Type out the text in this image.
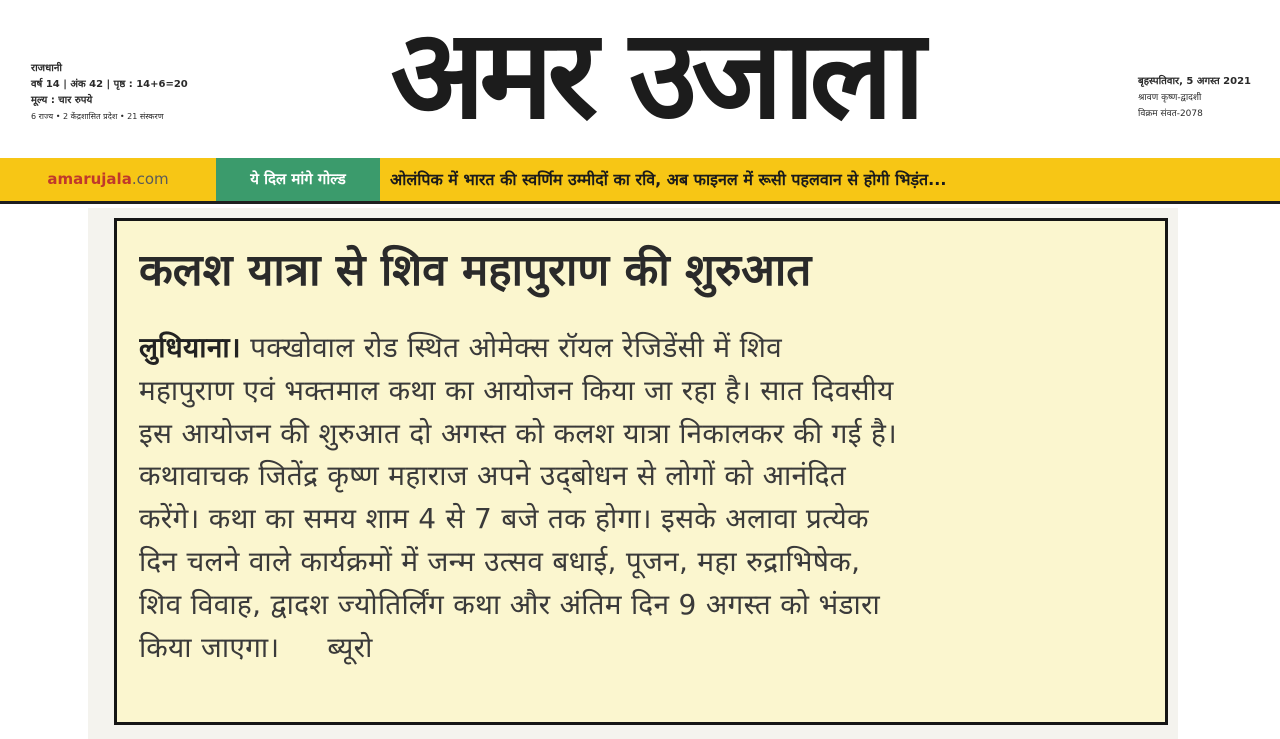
राजधानी
वर्ष 14 | अंक 42 | पृष्ठ : 14+6=20
मूल्य : चार रुपये
6 राज्य • 2 केंद्रशासित प्रदेश • 21 संस्करण	अमर उजाला	बृहस्पतिवार, 5 अगस्त 2021
श्रावण कृष्ण-द्वादशी
विक्रम संवत-2078
amarujala.com	ये दिल मांगे गोल्ड	ओलंपिक में भारत की स्वर्णिम उम्मीदों का रवि, अब फाइनल में रूसी पहलवान से होगी भिड़ंत...
कलश यात्रा से शिव महापुराण की शुरुआत
लुधियाना। पक्खोवाल रोड स्थित ओमेक्स रॉयल रेजिडेंसी में शिव
महापुराण एवं भक्तमाल कथा का आयोजन किया जा रहा है। सात दिवसीय
इस आयोजन की शुरुआत दो अगस्त को कलश यात्रा निकालकर की गई है।
कथावाचक जितेंद्र कृष्ण महाराज अपने उद्‌बोधन से लोगों को आनंदित
करेंगे। कथा का समय शाम 4 से 7 बजे तक होगा। इसके अलावा प्रत्येक
दिन चलने वाले कार्यक्रमों में जन्म उत्सव बधाई, पूजन, महा रुद्राभिषेक,
शिव विवाह, द्वादश ज्योतिर्लिंग कथा और अंतिम दिन 9 अगस्त को भंडारा
किया जाएगा। ब्यूरो
